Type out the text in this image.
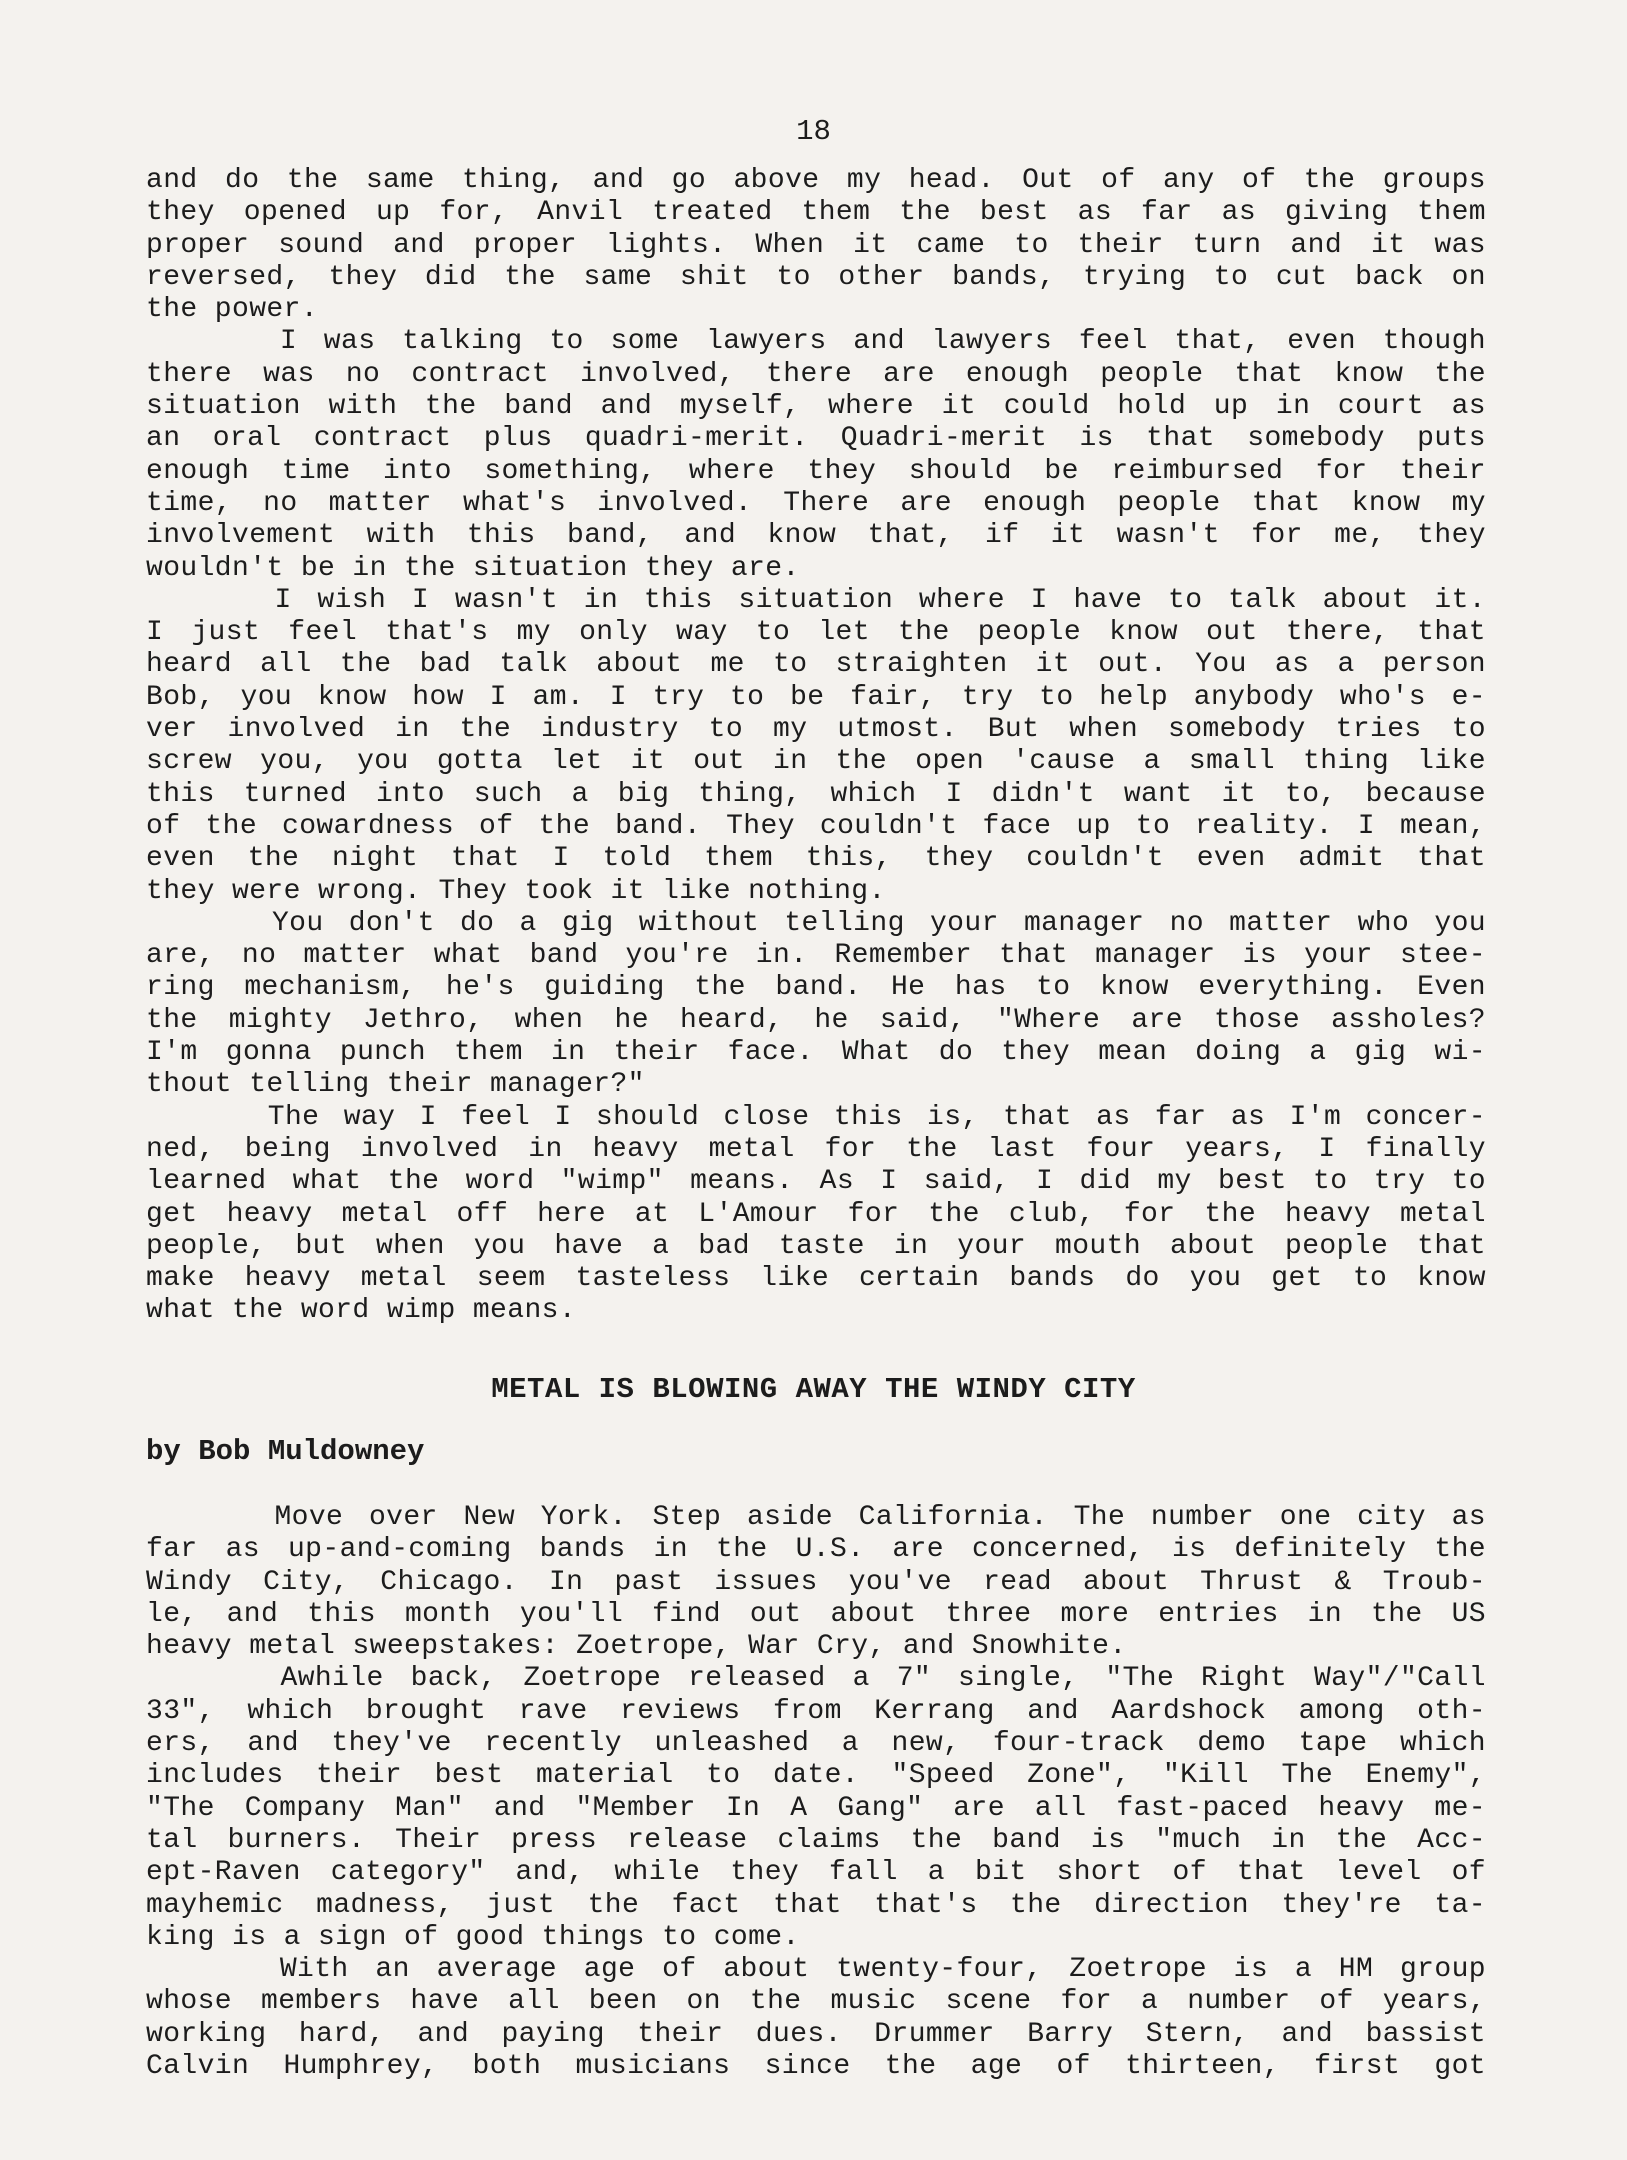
18

and do the same thing, and go above my head. Out of any of the groups
they opened up for, Anvil treated them the best as far as giving them
proper sound and proper lights. When it came to their turn and it was
reversed, they did the same shit to other bands, trying to cut back on
the power.

I was talking to some lawyers and lawyers feel that, even though
there was no contract involved, there are enough people that know the
situation with the band and myself, where it could hold up in court as
an oral contract plus quadri-merit. Quadri-merit is that somebody puts
enough time into something, where they should be reimbursed for their
time, no matter what's involved. There are enough people that know my
involvement with this band, and know that, if it wasn't for me, they
wouldn't be in the situation they are.

I wish I wasn't in this situation where I have to talk about it.
I just feel that's my only way to let the people know out there, that
heard all the bad talk about me to straighten it out. You as a person
Bob, you know how I am. I try to be fair, try to help anybody who's e-
ver involved in the industry to my utmost. But when somebody tries to
screw you, you gotta let it out in the open 'cause a small thing like
this turned into such a big thing, which I didn't want it to, because
of the cowardness of the band. They couldn't face up to reality. I mean,
even the night that I told them this, they couldn't even admit that
they were wrong. They took it like nothing.

You don't do a gig without telling your manager no matter who you
are, no matter what band you're in. Remember that manager is your stee-
ring mechanism, he's guiding the band. He has to know everything. Even
the mighty Jethro, when he heard, he said, "Where are those assholes?
I'm gonna punch them in their face. What do they mean doing a gig wi-
thout telling their manager?"

The way I feel I should close this is, that as far as I'm concer-
ned, being involved in heavy metal for the last four years, I finally
learned what the word "wimp" means. As I said, I did my best to try to
get heavy metal off here at L'Amour for the club, for the heavy metal
people, but when you have a bad taste in your mouth about people that
make heavy metal seem tasteless like certain bands do you get to know
what the word wimp means.

METAL IS BLOWING AWAY THE WINDY CITY
by Bob Muldowney

Move over New York. Step aside California. The number one city as
far as up-and-coming bands in the U.S. are concerned, is definitely the
Windy City, Chicago. In past issues you've read about Thrust & Troub-
le, and this month you'll find out about three more entries in the US
heavy metal sweepstakes: Zoetrope, War Cry, and Snowhite.

Awhile back, Zoetrope released a 7" single, "The Right Way"/"Call
33", which brought rave reviews from Kerrang and Aardshock among oth-
ers, and they've recently unleashed a new, four-track demo tape which
includes their best material to date. "Speed Zone", "Kill The Enemy",
"The Company Man" and "Member In A Gang" are all fast-paced heavy me-
tal burners. Their press release claims the band is "much in the Acc-
ept-Raven category" and, while they fall a bit short of that level of
mayhemic madness, just the fact that that's the direction they're ta-
king is a sign of good things to come.

With an average age of about twenty-four, Zoetrope is a HM group
whose members have all been on the music scene for a number of years,
working hard, and paying their dues. Drummer Barry Stern, and bassist
Calvin Humphrey, both musicians since the age of thirteen, first got
